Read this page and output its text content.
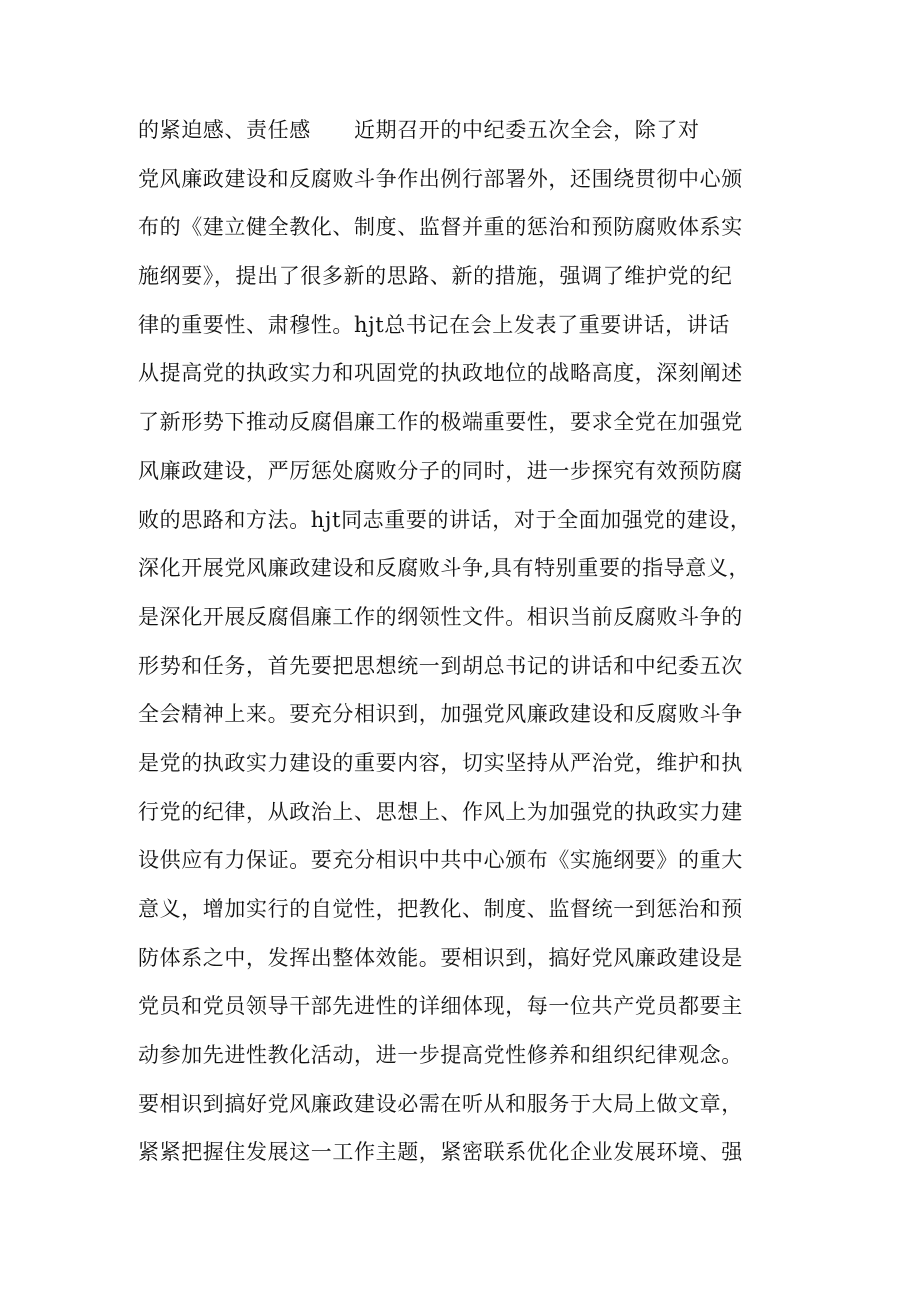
的紧迫感、责任感　　近期召开的中纪委五次全会，除了对
党风廉政建设和反腐败斗争作出例行部署外，还围绕贯彻中心颁
布的《建立健全教化、制度、监督并重的惩治和预防腐败体系实
施纲要》，提出了很多新的思路、新的措施，强调了维护党的纪
律的重要性、肃穆性。hjt总书记在会上发表了重要讲话，讲话
从提高党的执政实力和巩固党的执政地位的战略高度，深刻阐述
了新形势下推动反腐倡廉工作的极端重要性，要求全党在加强党
风廉政建设，严厉惩处腐败分子的同时，进一步探究有效预防腐
败的思路和方法。hjt同志重要的讲话，对于全面加强党的建设，
深化开展党风廉政建设和反腐败斗争,具有特别重要的指导意义，
是深化开展反腐倡廉工作的纲领性文件。相识当前反腐败斗争的
形势和任务，首先要把思想统一到胡总书记的讲话和中纪委五次
全会精神上来。要充分相识到，加强党风廉政建设和反腐败斗争
是党的执政实力建设的重要内容，切实坚持从严治党，维护和执
行党的纪律，从政治上、思想上、作风上为加强党的执政实力建
设供应有力保证。要充分相识中共中心颁布《实施纲要》的重大
意义，增加实行的自觉性，把教化、制度、监督统一到惩治和预
防体系之中，发挥出整体效能。要相识到，搞好党风廉政建设是
党员和党员领导干部先进性的详细体现，每一位共产党员都要主
动参加先进性教化活动，进一步提高党性修养和组织纪律观念。
要相识到搞好党风廉政建设必需在听从和服务于大局上做文章，
紧紧把握住发展这一工作主题，紧密联系优化企业发展环境、强
